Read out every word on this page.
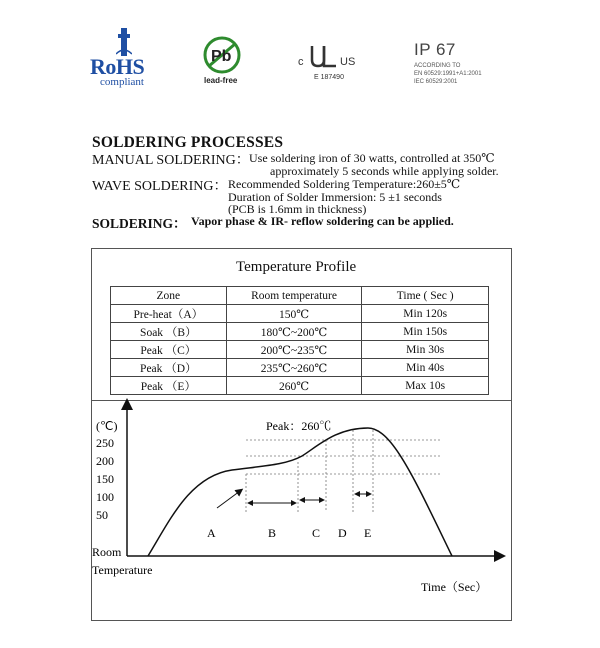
RoHS
compliant
Pb
lead-free
c	US
E 187490
IP 67
ACCORDING TO
EN 60529:1991+A1:2001
IEC 60529:2001
SOLDERING PROCESSES
MANUAL SOLDERING： Use soldering iron of 30 watts, controlled at 350℃
approximately 5 seconds while applying solder.
WAVE SOLDERING： Recommended Soldering Temperature:260±5℃
Duration of Solder Immersion: 5 ±1 seconds
(PCB is 1.6mm in thickness)
SOLDERING： Vapor phase & IR- reflow soldering can be applied.
Temperature Profile
Zone	Room temperature	Time ( Sec )
Pre-heat（A）	150℃	Min 120s
Soak （B）	180℃~200℃	Min 150s
Peak （C）	200℃~235℃	Min 30s
Peak （D）	235℃~260℃	Min 40s
Peak （E）	260℃	Max 10s
(℃)
250
200
150
100
50
Peak：260℃
A	B	C D E
Room
Temperature
Time（Sec）
